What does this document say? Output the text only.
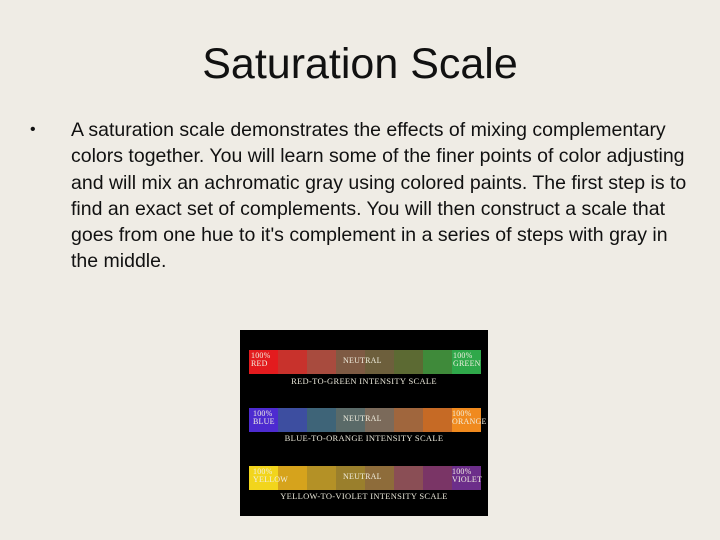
Saturation Scale
• A saturation scale demonstrates the effects of mixing complementary colors together. You will learn some of the finer points of color adjusting and will mix an achromatic gray using colored paints. The first step is to find an exact set of complements. You will then construct a scale that goes from one hue to it's complement in a series of steps with gray in the middle.
100%
RED	NEUTRAL
100%
GREEN
RED-TO-GREEN INTENSITY SCALE
100%
BLUE	NEUTRAL
100%
ORANGE
BLUE-TO-ORANGE INTENSITY SCALE
100%
YELLOW	NEUTRAL
100%
VIOLET
YELLOW-TO-VIOLET INTENSITY SCALE
